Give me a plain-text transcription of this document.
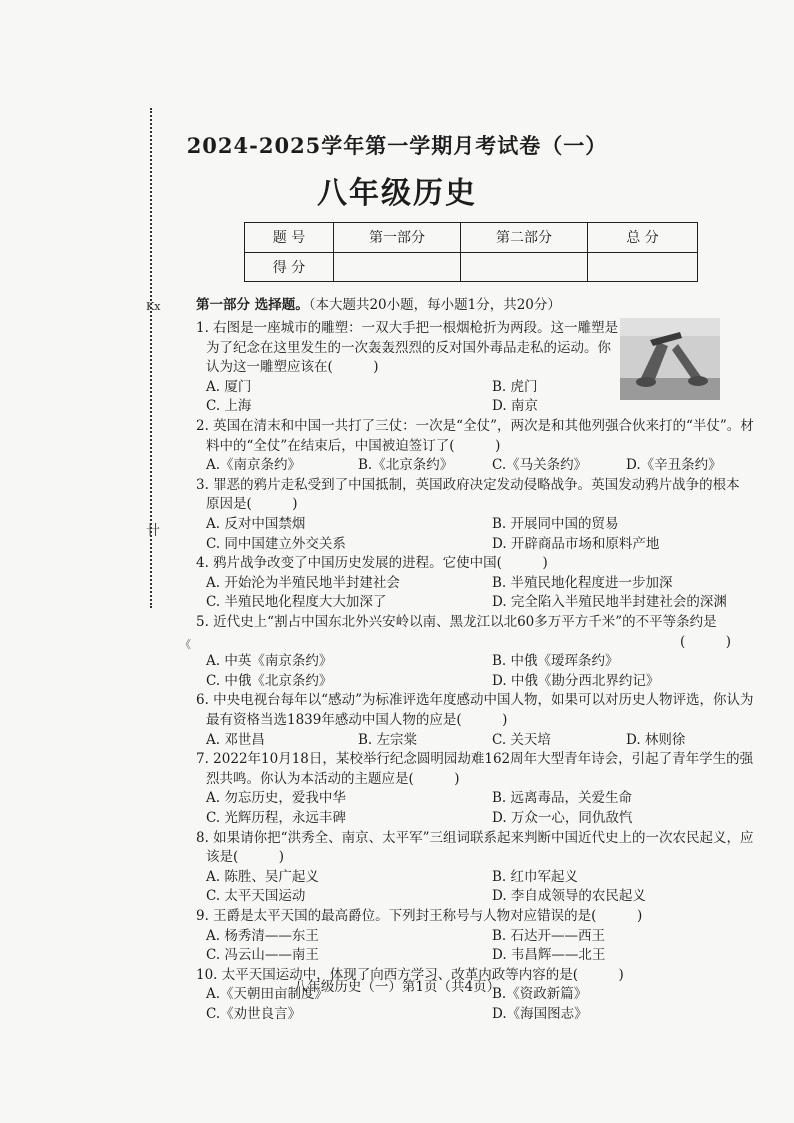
Kx
卄
《
2024-2025学年第一学期月考试卷（一）
八年级历史
题 号	第一部分	第二部分	总 分
得 分			
第一部分 选择题。（本大题共20小题，每小题1分，共20分）
1. 右图是一座城市的雕塑：一双大手把一根烟枪折为两段。这一雕塑是
为了纪念在这里发生的一次轰轰烈烈的反对国外毒品走私的运动。你
认为这一雕塑应该在(　　　)
A. 厦门	B. 虎门
C. 上海	D. 南京
2. 英国在清末和中国一共打了三仗：一次是“全仗”，两次是和其他列强合伙来打的“半仗”。材
料中的“全仗”在结束后，中国被迫签订了(　　　)
A.《南京条约》	B.《北京条约》	C.《马关条约》	D.《辛丑条约》
3. 罪恶的鸦片走私受到了中国抵制，英国政府决定发动侵略战争。英国发动鸦片战争的根本
原因是(　　　)
A. 反对中国禁烟	B. 开展同中国的贸易
C. 同中国建立外交关系	D. 开辟商品市场和原料产地
4. 鸦片战争改变了中国历史发展的进程。它使中国(　　　)
A. 开始沦为半殖民地半封建社会	B. 半殖民地化程度进一步加深
C. 半殖民地化程度大大加深了	D. 完全陷入半殖民地半封建社会的深渊
5. 近代史上“割占中国东北外兴安岭以南、黑龙江以北60多万平方千米”的不平等条约是
(　　　)
A. 中英《南京条约》	B. 中俄《瑷珲条约》
C. 中俄《北京条约》	D. 中俄《勘分西北界约记》
6. 中央电视台每年以“感动”为标准评选年度感动中国人物，如果可以对历史人物评选，你认为
最有资格当选1839年感动中国人物的应是(　　　)
A. 邓世昌	B. 左宗棠	C. 关天培	D. 林则徐
7. 2022年10月18日，某校举行纪念圆明园劫难162周年大型青年诗会，引起了青年学生的强
烈共鸣。你认为本活动的主题应是(　　　)
A. 勿忘历史，爱我中华	B. 远离毒品，关爱生命
C. 光辉历程，永远丰碑	D. 万众一心，同仇敌忾
8. 如果请你把“洪秀全、南京、太平军”三组词联系起来判断中国近代史上的一次农民起义，应
该是(　　　)
A. 陈胜、吴广起义	B. 红巾军起义
C. 太平天国运动	D. 李自成领导的农民起义
9. 王爵是太平天国的最高爵位。下列封王称号与人物对应错误的是(　　　)
A. 杨秀清——东王	B. 石达开——西王
C. 冯云山——南王	D. 韦昌辉——北王
10. 太平天国运动中，体现了向西方学习、改革内政等内容的是(　　　)
A.《天朝田亩制度》	B.《资政新篇》
C.《劝世良言》	D.《海国图志》
八年级历史（一）第1页（共4页）
